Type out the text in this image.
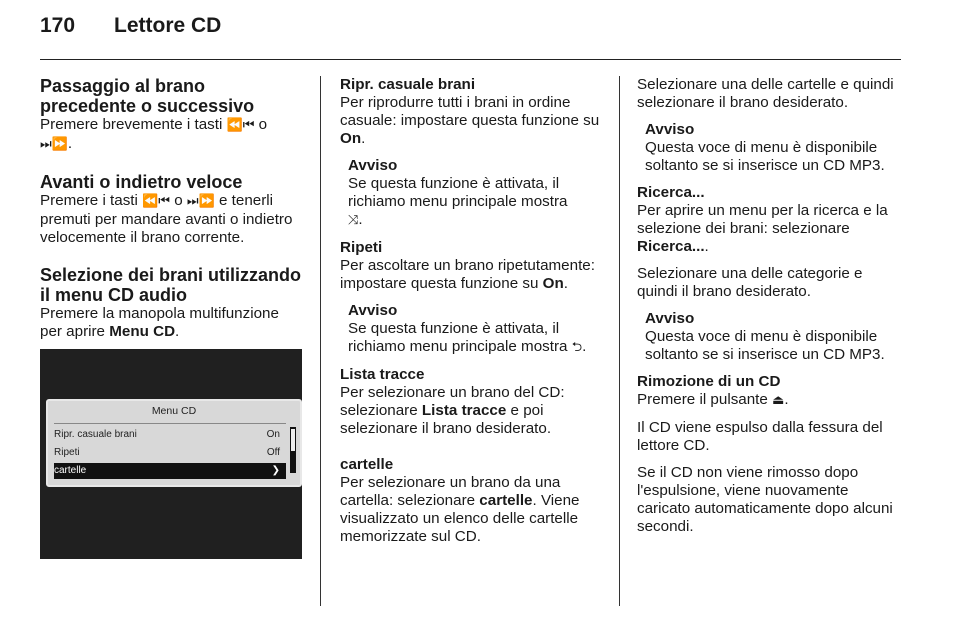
170 Lettore CD

Passaggio al brano precedente o successivo

Premere brevemente i tasti ⏪⏮ o
⏭⏩.

Avanti o indietro veloce

Premere i tasti ⏪⏮ o ⏭⏩ e tenerli premuti per mandare avanti o indietro velocemente il brano corrente.

Selezione dei brani utilizzando il menu CD audio

Premere la manopola multifunzione per aprire Menu CD.

Menu CD
Ripr. casuale brani	On
Ripeti	Off
cartelle	❯

Ripr. casuale brani

Per riprodurre tutti i brani in ordine casuale: impostare questa funzione su On.

Avviso

Se questa funzione è attivata, il richiamo menu principale mostra
⤨.

Ripeti

Per ascoltare un brano ripetutamente: impostare questa funzione su On.

Avviso

Se questa funzione è attivata, il richiamo menu principale mostra ⮌.

Lista tracce

Per selezionare un brano del CD: selezionare Lista tracce e poi selezionare il brano desiderato.

cartelle

Per selezionare un brano da una cartella: selezionare cartelle. Viene visualizzato un elenco delle cartelle memorizzate sul CD.

Selezionare una delle cartelle e quindi selezionare il brano desiderato.

Avviso

Questa voce di menu è disponibile soltanto se si inserisce un CD MP3.

Ricerca...

Per aprire un menu per la ricerca e la selezione dei brani: selezionare Ricerca....

Selezionare una delle categorie e quindi il brano desiderato.

Avviso

Questa voce di menu è disponibile soltanto se si inserisce un CD MP3.

Rimozione di un CD

Premere il pulsante ⏏.

Il CD viene espulso dalla fessura del lettore CD.

Se il CD non viene rimosso dopo l'espulsione, viene nuovamente caricato automaticamente dopo alcuni secondi.
